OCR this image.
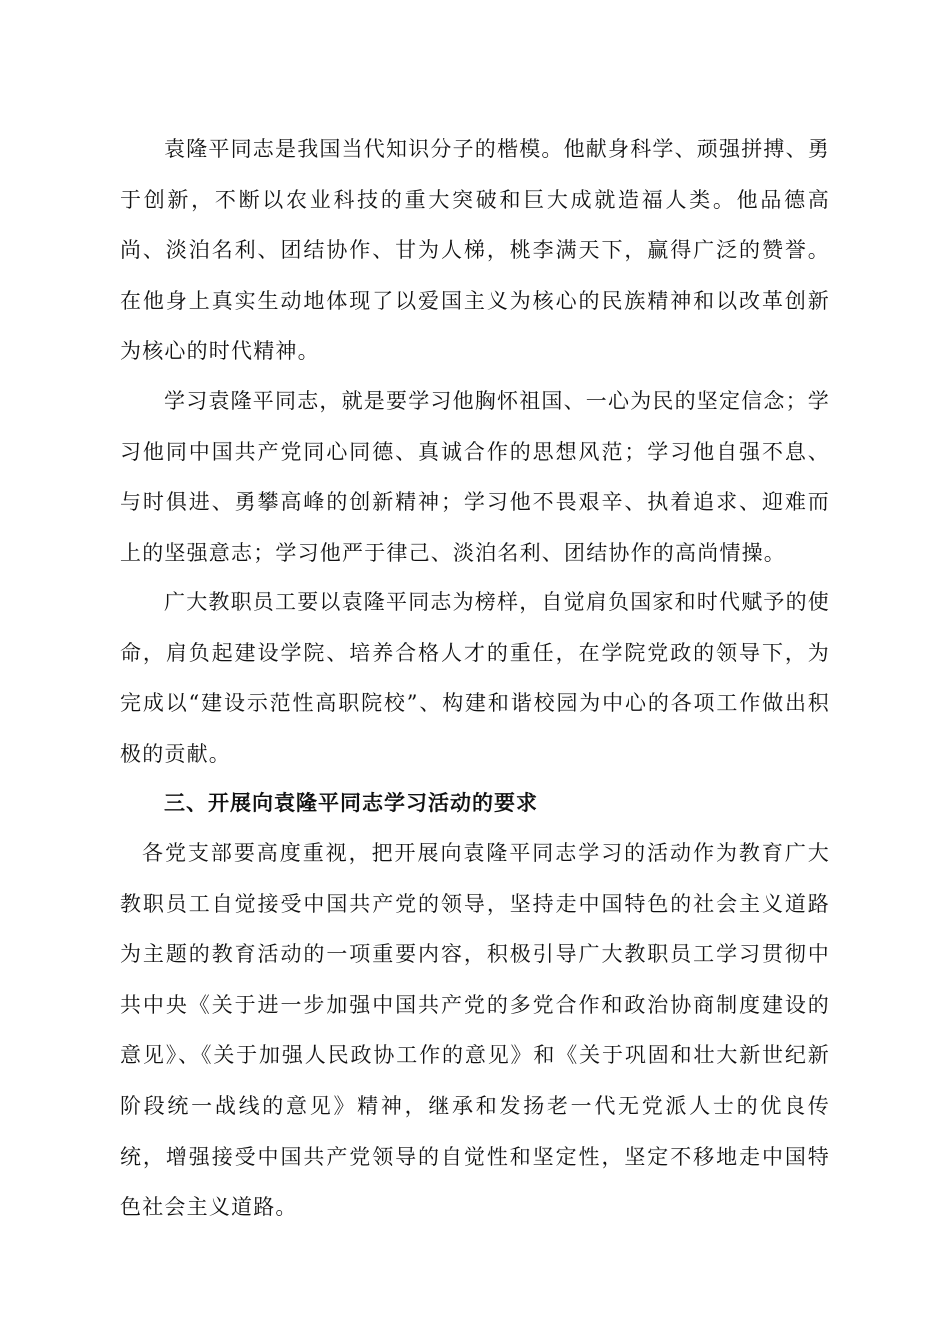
袁隆平同志是我国当代知识分子的楷模。他献身科学、顽强拼搏、勇于创新，不断以农业科技的重大突破和巨大成就造福人类。他品德高尚、淡泊名利、团结协作、甘为人梯，桃李满天下，赢得广泛的赞誉。在他身上真实生动地体现了以爱国主义为核心的民族精神和以改革创新为核心的时代精神。

学习袁隆平同志，就是要学习他胸怀祖国、一心为民的坚定信念；学习他同中国共产党同心同德、真诚合作的思想风范；学习他自强不息、与时俱进、勇攀高峰的创新精神；学习他不畏艰辛、执着追求、迎难而上的坚强意志；学习他严于律己、淡泊名利、团结协作的高尚情操。

广大教职员工要以袁隆平同志为榜样，自觉肩负国家和时代赋予的使命，肩负起建设学院、培养合格人才的重任，在学院党政的领导下，为完成以“建设示范性高职院校”、构建和谐校园为中心的各项工作做出积极的贡献。

三、开展向袁隆平同志学习活动的要求

各党支部要高度重视，把开展向袁隆平同志学习的活动作为教育广大教职员工自觉接受中国共产党的领导，坚持走中国特色的社会主义道路为主题的教育活动的一项重要内容，积极引导广大教职员工学习贯彻中共中央《关于进一步加强中国共产党的多党合作和政治协商制度建设的意见》、《关于加强人民政协工作的意见》和《关于巩固和壮大新世纪新阶段统一战线的意见》精神，继承和发扬老一代无党派人士的优良传统，增强接受中国共产党领导的自觉性和坚定性，坚定不移地走中国特色社会主义道路。
